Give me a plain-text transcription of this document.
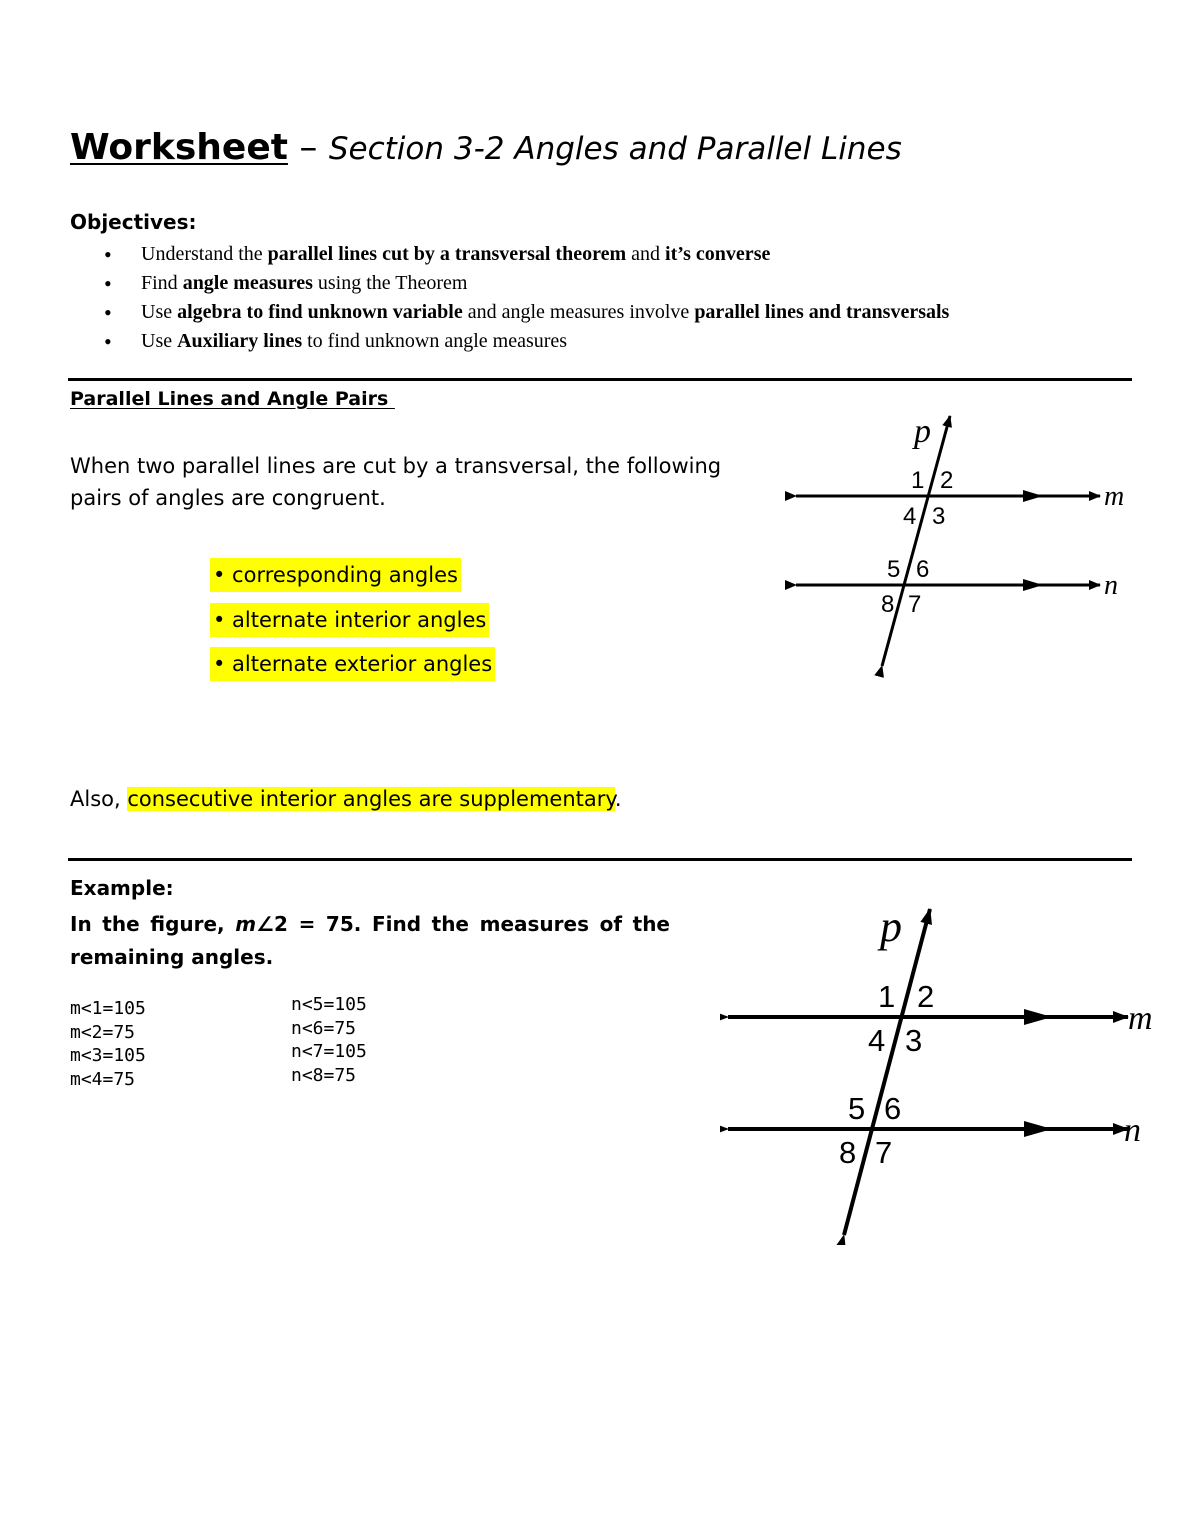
Worksheet – Section 3-2 Angles and Parallel Lines
Objectives:
• Understand the parallel lines cut by a transversal theorem and it’s converse
• Find angle measures using the Theorem
• Use algebra to find unknown variable and angle measures involve parallel lines and transversals
• Use Auxiliary lines to find unknown angle measures
Parallel Lines and Angle Pairs
When two parallel lines are cut by a transversal, the following pairs of angles are congruent.
• corresponding angles
• alternate interior angles
• alternate exterior angles
Also, consecutive interior angles are supplementary.
p
m
n
1 2
3
4
5 6
7
8
Example:
In the figure, m∠2 = 75. Find the measures of the remaining angles.
m<1=105
m<2=75
m<3=105
m<4=75
n<5=105
n<6=75
n<7=105
n<8=75
p
m
n
1 2
3
4
5 6
7
8
